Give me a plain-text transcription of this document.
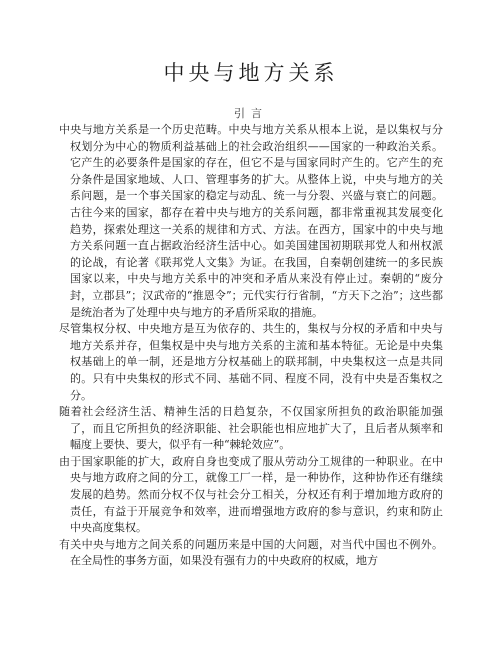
中央与地方关系
引言

中央与地方关系是一个历史范畴。中央与地方关系从根本上说，是以集权与分权划分为中心的物质利益基础上的社会政治组织——国家的一种政治关系。它产生的必要条件是国家的存在，但它不是与国家同时产生的。它产生的充分条件是国家地域、人口、管理事务的扩大。从整体上说，中央与地方的关系问题，是一个事关国家的稳定与动乱、统一与分裂、兴盛与衰亡的问题。古往今来的国家，都存在着中央与地方的关系问题，都非常重视其发展变化趋势，探索处理这一关系的规律和方式、方法。在西方，国家中的中央与地方关系问题一直占据政治经济生活中心。如美国建国初期联邦党人和州权派的论战，有论著《联邦党人文集》为证。在我国，自秦朝创建统一的多民族国家以来，中央与地方关系中的冲突和矛盾从来没有停止过。秦朝的“废分封，立郡县”；汉武帝的“推恩令”；元代实行行省制，“方天下之治”；这些都是统治者为了处理中央与地方的矛盾所采取的措施。

尽管集权分权、中央地方是互为依存的、共生的，集权与分权的矛盾和中央与地方关系并存，但集权是中央与地方关系的主流和基本特征。无论是中央集权基础上的单一制，还是地方分权基础上的联邦制，中央集权这一点是共同的。只有中央集权的形式不同、基础不同、程度不同，没有中央是否集权之分。

随着社会经济生活、精神生活的日趋复杂，不仅国家所担负的政治职能加强了，而且它所担负的经济职能、社会职能也相应地扩大了，且后者从频率和幅度上要快、要大，似乎有一种“棘轮效应”。

由于国家职能的扩大，政府自身也变成了服从劳动分工规律的一种职业。在中央与地方政府之间的分工，就像工厂一样，是一种协作，这种协作还有继续发展的趋势。然而分权不仅与社会分工相关，分权还有利于增加地方政府的责任，有益于开展竞争和效率，进而增强地方政府的参与意识，约束和防止中央高度集权。

有关中央与地方之间关系的问题历来是中国的大问题，对当代中国也不例外。在全局性的事务方面，如果没有强有力的中央政府的权威，地方
